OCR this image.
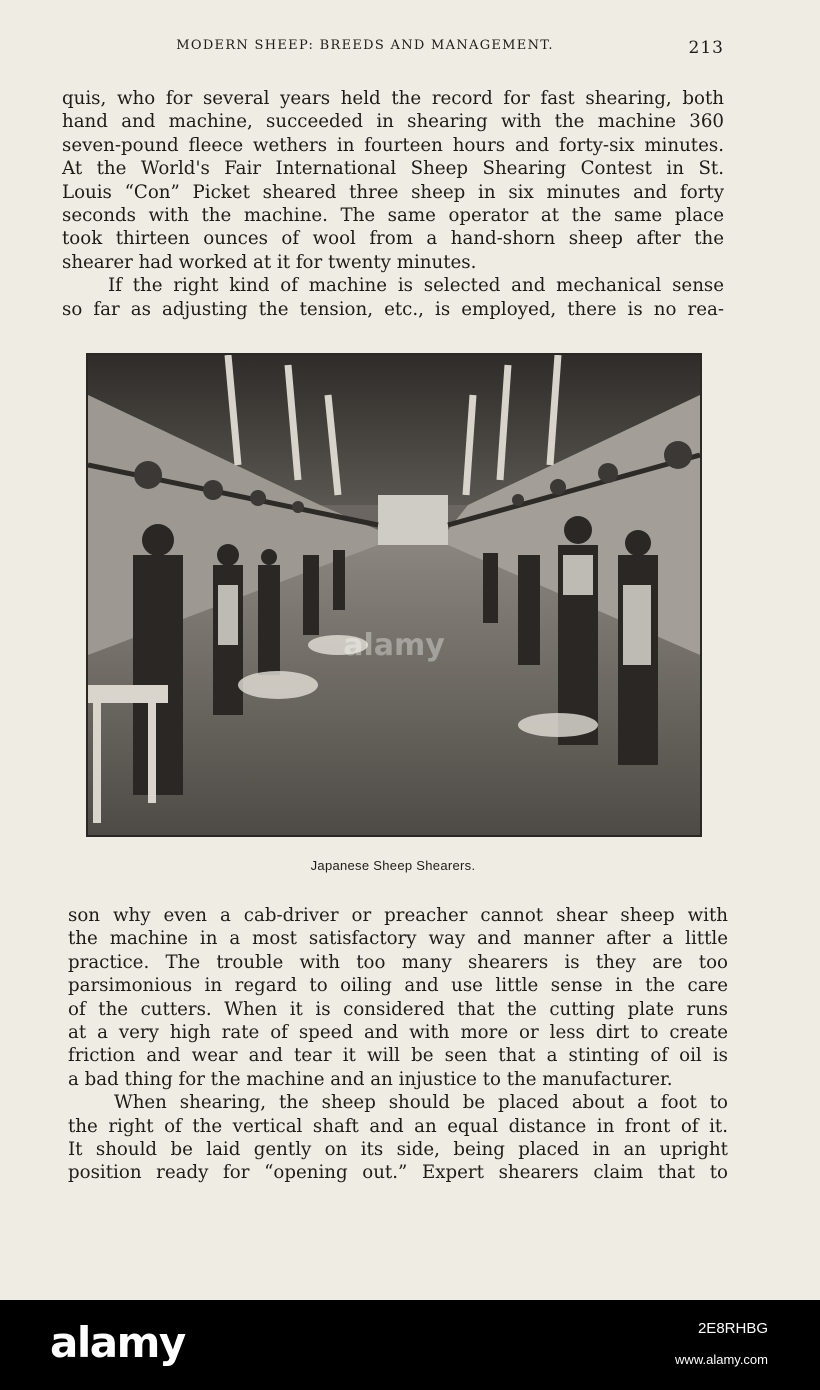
MODERN SHEEP: BREEDS AND MANAGEMENT.	213
quis, who for several years held the record for fast shearing, both
hand and machine, succeeded in shearing with the machine 360
seven-pound fleece wethers in fourteen hours and forty-six minutes.
At the World's Fair International Sheep Shearing Contest in St.
Louis “Con” Picket sheared three sheep in six minutes and forty
seconds with the machine. The same operator at the same place
took thirteen ounces of wool from a hand-shorn sheep after the
shearer had worked at it for twenty minutes.
If the right kind of machine is selected and mechanical sense
so far as adjusting the tension, etc., is employed, there is no rea-
alamy
Japanese Sheep Shearers.
son why even a cab-driver or preacher cannot shear sheep with
the machine in a most satisfactory way and manner after a little
practice. The trouble with too many shearers is they are too
parsimonious in regard to oiling and use little sense in the care
of the cutters. When it is considered that the cutting plate runs
at a very high rate of speed and with more or less dirt to create
friction and wear and tear it will be seen that a stinting of oil is
a bad thing for the machine and an injustice to the manufacturer.
When shearing, the sheep should be placed about a foot to
the right of the vertical shaft and an equal distance in front of it.
It should be laid gently on its side, being placed in an upright
position ready for “opening out.” Expert shearers claim that to
alamy	2E8RHBG
www.alamy.com
